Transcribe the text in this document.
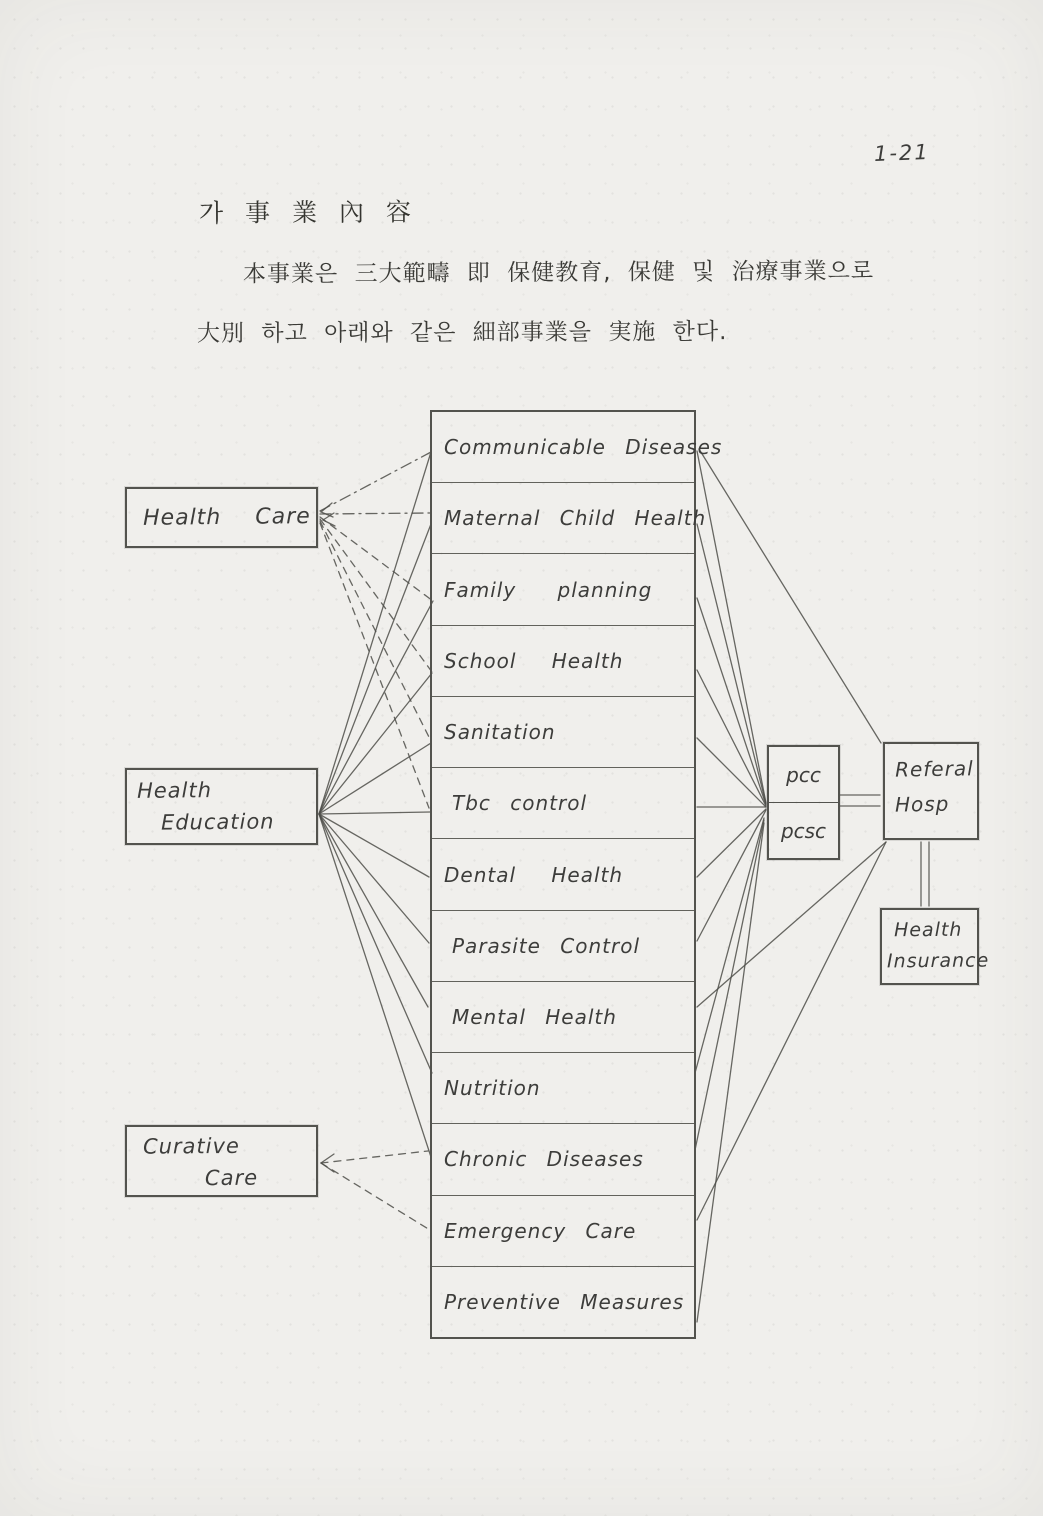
1-21
가 事 業 內 容
本事業은 三大範疇 即 保健教育, 保健 및 治療事業으로
大別 하고 아래와 같은 細部事業을 実施 한다.
Health Care
Health
Education
Curative
Care
Communicable Diseases
Maternal Child Health
Family planning
School Health
Sanitation
Tbc control
Dental Health
Parasite Control
Mental Health
Nutrition
Chronic Diseases
Emergency Care
Preventive Measures
pcc
pcsc
Referal
Hosp
Health
Insurance
